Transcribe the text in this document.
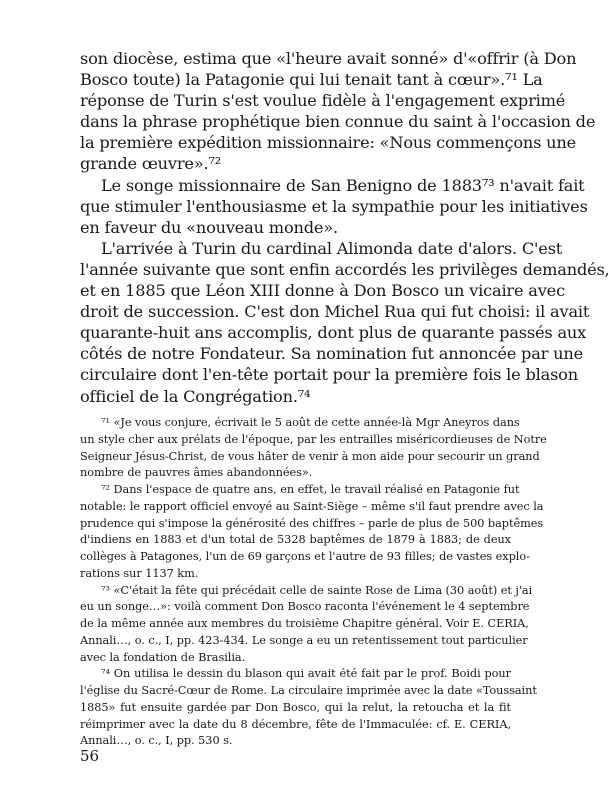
son diocèse, estima que «l'heure avait sonné» d'«offrir (à Don
Bosco toute) la Patagonie qui lui tenait tant à cœur».⁷¹ La
réponse de Turin s'est voulue fidèle à l'engagement exprimé
dans la phrase prophétique bien connue du saint à l'occasion de
la première expédition missionnaire: «Nous commençons une
grande œuvre».⁷²
Le songe missionnaire de San Benigno de 1883⁷³ n'avait fait
que stimuler l'enthousiasme et la sympathie pour les initiatives
en faveur du «nouveau monde».
L'arrivée à Turin du cardinal Alimonda date d'alors. C'est
l'année suivante que sont enfin accordés les privilèges demandés,
et en 1885 que Léon XIII donne à Don Bosco un vicaire avec
droit de succession. C'est don Michel Rua qui fut choisi: il avait
quarante-huit ans accomplis, dont plus de quarante passés aux
côtés de notre Fondateur. Sa nomination fut annoncée par une
circulaire dont l'en-tête portait pour la première fois le blason
officiel de la Congrégation.⁷⁴
⁷¹ «Je vous conjure, écrivait le 5 août de cette année-là Mgr Aneyros dans
un style cher aux prélats de l'époque, par les entrailles miséricordieuses de Notre
Seigneur Jésus-Christ, de vous hâter de venir à mon aide pour secourir un grand
nombre de pauvres âmes abandonnées».
⁷² Dans l'espace de quatre ans, en effet, le travail réalisé en Patagonie fut
notable: le rapport officiel envoyé au Saint-Siège – même s'il faut prendre avec la
prudence qui s'impose la générosité des chiffres – parle de plus de 500 baptêmes
d'indiens en 1883 et d'un total de 5328 baptêmes de 1879 à 1883; de deux
collèges à Patagones, l'un de 69 garçons et l'autre de 93 filles; de vastes explo-
rations sur 1137 km.
⁷³ «C'était la fête qui précédait celle de sainte Rose de Lima (30 août) et j'ai
eu un songe…»: voilà comment Don Bosco raconta l'événement le 4 septembre
de la même année aux membres du troisième Chapitre général. Voir E. CERIA,
Annali…, o. c., I, pp. 423-434. Le songe a eu un retentissement tout particulier
avec la fondation de Brasilia.
⁷⁴ On utilisa le dessin du blason qui avait été fait par le prof. Boidi pour
l'église du Sacré-Cœur de Rome. La circulaire imprimée avec la date «Toussaint
1885» fut ensuite gardée par Don Bosco, qui la relut, la retoucha et la fit
réimprimer avec la date du 8 décembre, fête de l'Immaculée: cf. E. CERIA,
Annali…, o. c., I, pp. 530 s.
56
